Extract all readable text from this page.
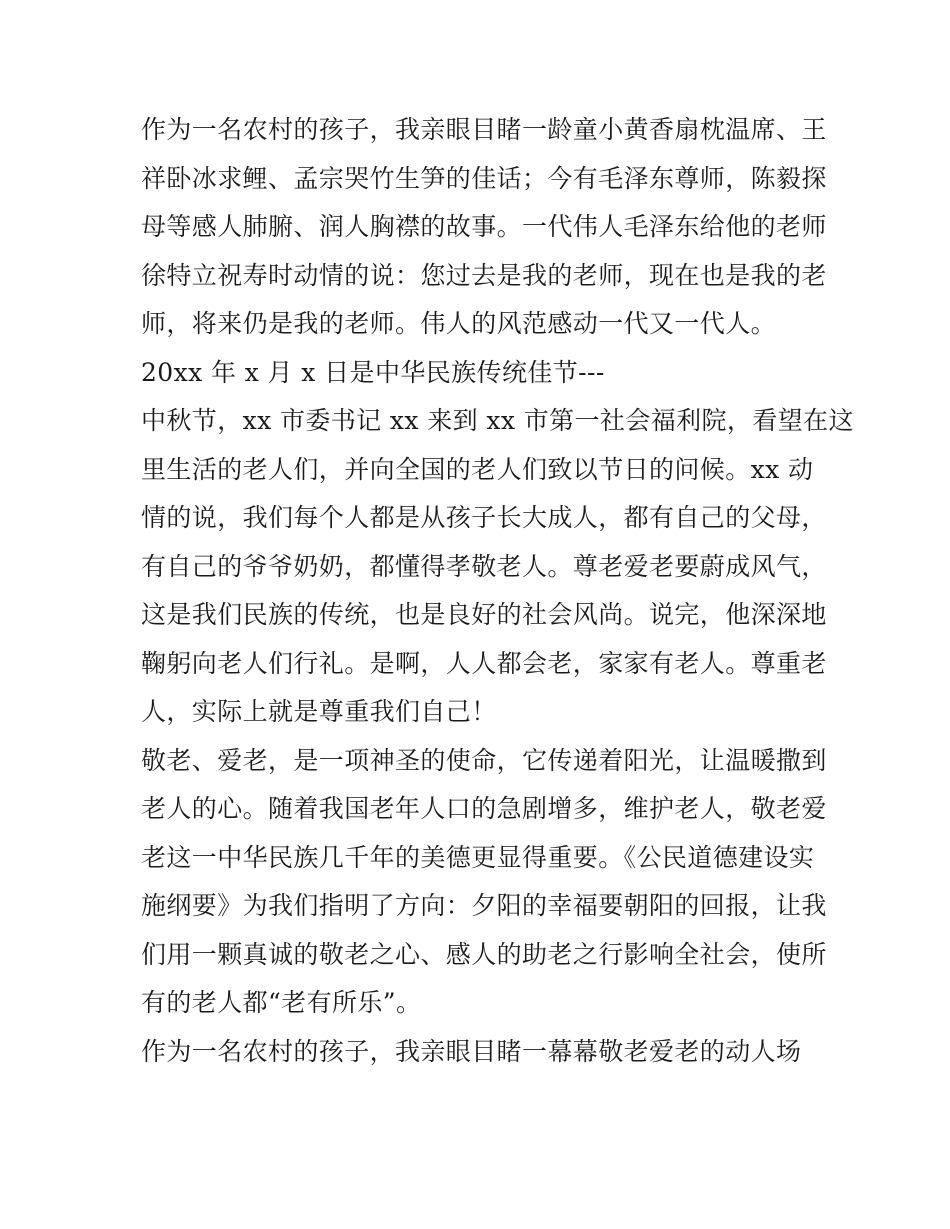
作为一名农村的孩子，我亲眼目睹一龄童小黄香扇枕温席、王
祥卧冰求鲤、孟宗哭竹生笋的佳话；今有毛泽东尊师，陈毅探
母等感人肺腑、润人胸襟的故事。一代伟人毛泽东给他的老师
徐特立祝寿时动情的说：您过去是我的老师，现在也是我的老
师，将来仍是我的老师。伟人的风范感动一代又一代人。
20xx 年 x 月 x 日是中华民族传统佳节---
中秋节，xx 市委书记 xx 来到 xx 市第一社会福利院，看望在这
里生活的老人们，并向全国的老人们致以节日的问候。xx 动
情的说，我们每个人都是从孩子长大成人，都有自己的父母，
有自己的爷爷奶奶，都懂得孝敬老人。尊老爱老要蔚成风气，
这是我们民族的传统，也是良好的社会风尚。说完，他深深地
鞠躬向老人们行礼。是啊，人人都会老，家家有老人。尊重老
人，实际上就是尊重我们自己！
敬老、爱老，是一项神圣的使命，它传递着阳光，让温暖撒到
老人的心。随着我国老年人口的急剧增多，维护老人，敬老爱
老这一中华民族几千年的美德更显得重要。《公民道德建设实
施纲要》为我们指明了方向：夕阳的幸福要朝阳的回报，让我
们用一颗真诚的敬老之心、感人的助老之行影响全社会，使所
有的老人都“老有所乐”。
作为一名农村的孩子，我亲眼目睹一幕幕敬老爱老的动人场
